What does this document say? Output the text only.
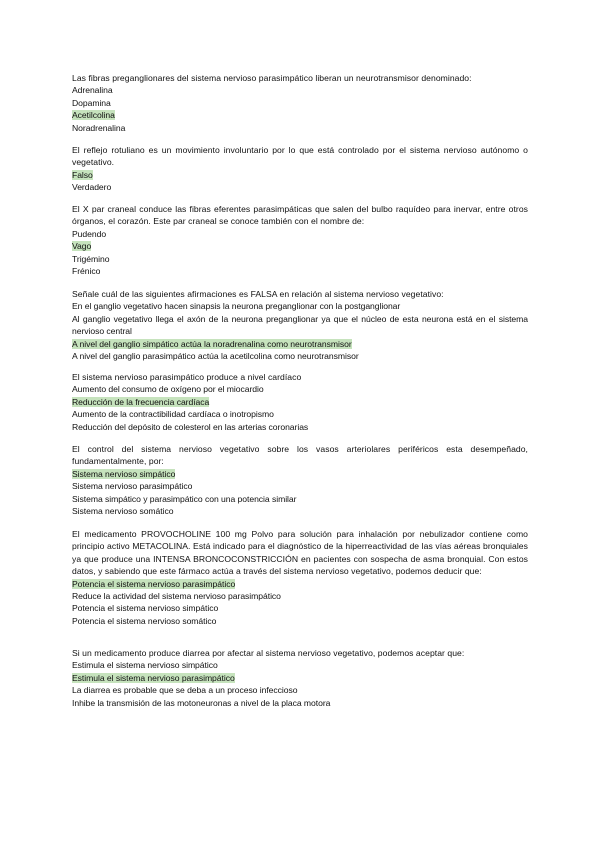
Las fibras preganglionares del sistema nervioso parasimpático liberan un neurotransmisor denominado:
Adrenalina
Dopamina
Acetilcolina
Noradrenalina
El reflejo rotuliano es un movimiento involuntario por lo que está controlado por el sistema nervioso autónomo o vegetativo.
Falso
Verdadero
El X par craneal conduce las fibras eferentes parasimpáticas que salen del bulbo raquídeo para inervar, entre otros órganos, el corazón. Este par craneal se conoce también con el nombre de:
Pudendo
Vago
Trigémino
Frénico
Señale cuál de las siguientes afirmaciones es FALSA en relación al sistema nervioso vegetativo:
En el ganglio vegetativo hacen sinapsis la neurona preganglionar con la postganglionar
Al ganglio vegetativo llega el axón de la neurona preganglionar ya que el núcleo de esta neurona está en el sistema nervioso central
A nivel del ganglio simpático actúa la noradrenalina como neurotransmisor
A nivel del ganglio parasimpático actúa la acetilcolina como neurotransmisor
El sistema nervioso parasimpático produce a nivel cardíaco
Aumento del consumo de oxígeno por el miocardio
Reducción de la frecuencia cardíaca
Aumento de la contractibilidad cardíaca o inotropismo
Reducción del depósito de colesterol en las arterias coronarias
El control del sistema nervioso vegetativo sobre los vasos arteriolares periféricos esta desempeñado, fundamentalmente, por:
Sistema nervioso simpático
Sistema nervioso parasimpático
Sistema simpático y parasimpático con una potencia similar
Sistema nervioso somático
El medicamento PROVOCHOLINE 100 mg Polvo para solución para inhalación por nebulizador contiene como principio activo METACOLINA. Está indicado para el diagnóstico de la hiperreactividad de las vías aéreas bronquiales ya que produce una INTENSA BRONCOCONSTRICCIÓN en pacientes con sospecha de asma bronquial. Con estos datos, y sabiendo que este fármaco actúa a través del sistema nervioso vegetativo, podemos deducir que:
Potencia el sistema nervioso parasimpático
Reduce la actividad del sistema nervioso parasimpático
Potencia el sistema nervioso simpático
Potencia el sistema nervioso somático
Si un medicamento produce diarrea por afectar al sistema nervioso vegetativo, podemos aceptar que:
Estimula el sistema nervioso simpático
Estimula el sistema nervioso parasimpático
La diarrea es probable que se deba a un proceso infeccioso
Inhibe la transmisión de las motoneuronas a nivel de la placa motora
